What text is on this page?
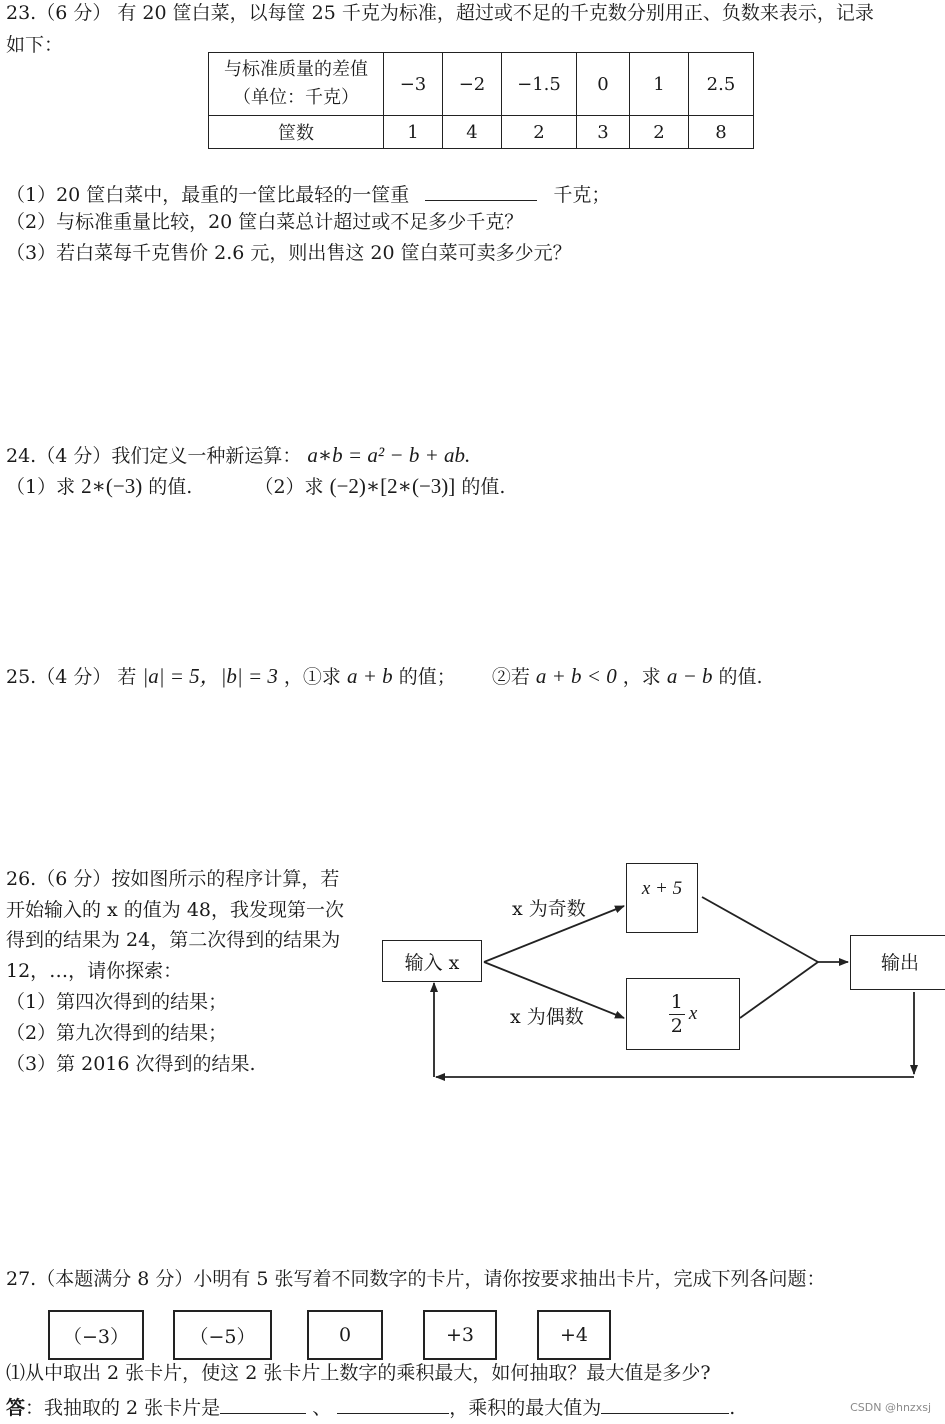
23.（6 分） 有 20 筐白菜，以每筐 25 千克为标准，超过或不足的千克数分别用正、负数来表示，记录
如下：
与标准质量的差值
（单位：千克）	−3	−2	−1.5	0	1	2.5
筐数	1	4	2	3	2	8
（1）20 筐白菜中，最重的一筐比最轻的一筐重	千克；
（2）与标准重量比较，20 筐白菜总计超过或不足多少千克？
（3）若白菜每千克售价 2.6 元，则出售这 20 筐白菜可卖多少元？
24.（4 分）我们定义一种新运算： a∗b = a² − b + ab.
（1）求 2∗(−3) 的值.	（2）求 (−2)∗[2∗(−3)] 的值.
25.（4 分） 若 |a| = 5，|b| = 3 ，①求 a + b 的值； ②若 a + b < 0 ，求 a − b 的值.
26.（6 分）按如图所示的程序计算，若
开始输入的 x 的值为 48，我发现第一次
得到的结果为 24，第二次得到的结果为
12，…，请你探索：
（1）第四次得到的结果；
（2）第九次得到的结果；
（3）第 2016 次得到的结果.
输入 x
x 为奇数
x 为偶数
x + 5
$\frac{1}{2}$ x
输出
27.（本题满分 8 分）小明有 5 张写着不同数字的卡片，请你按要求抽出卡片，完成下列各问题：
（−3）	（−5）	0	+3	+4
⑴从中取出 2 张卡片，使这 2 张卡片上数字的乘积最大，如何抽取？最大值是多少?
答：我抽取的 2 张卡片是	、	，乘积的最大值为	.	CSDN @hnzxsj
